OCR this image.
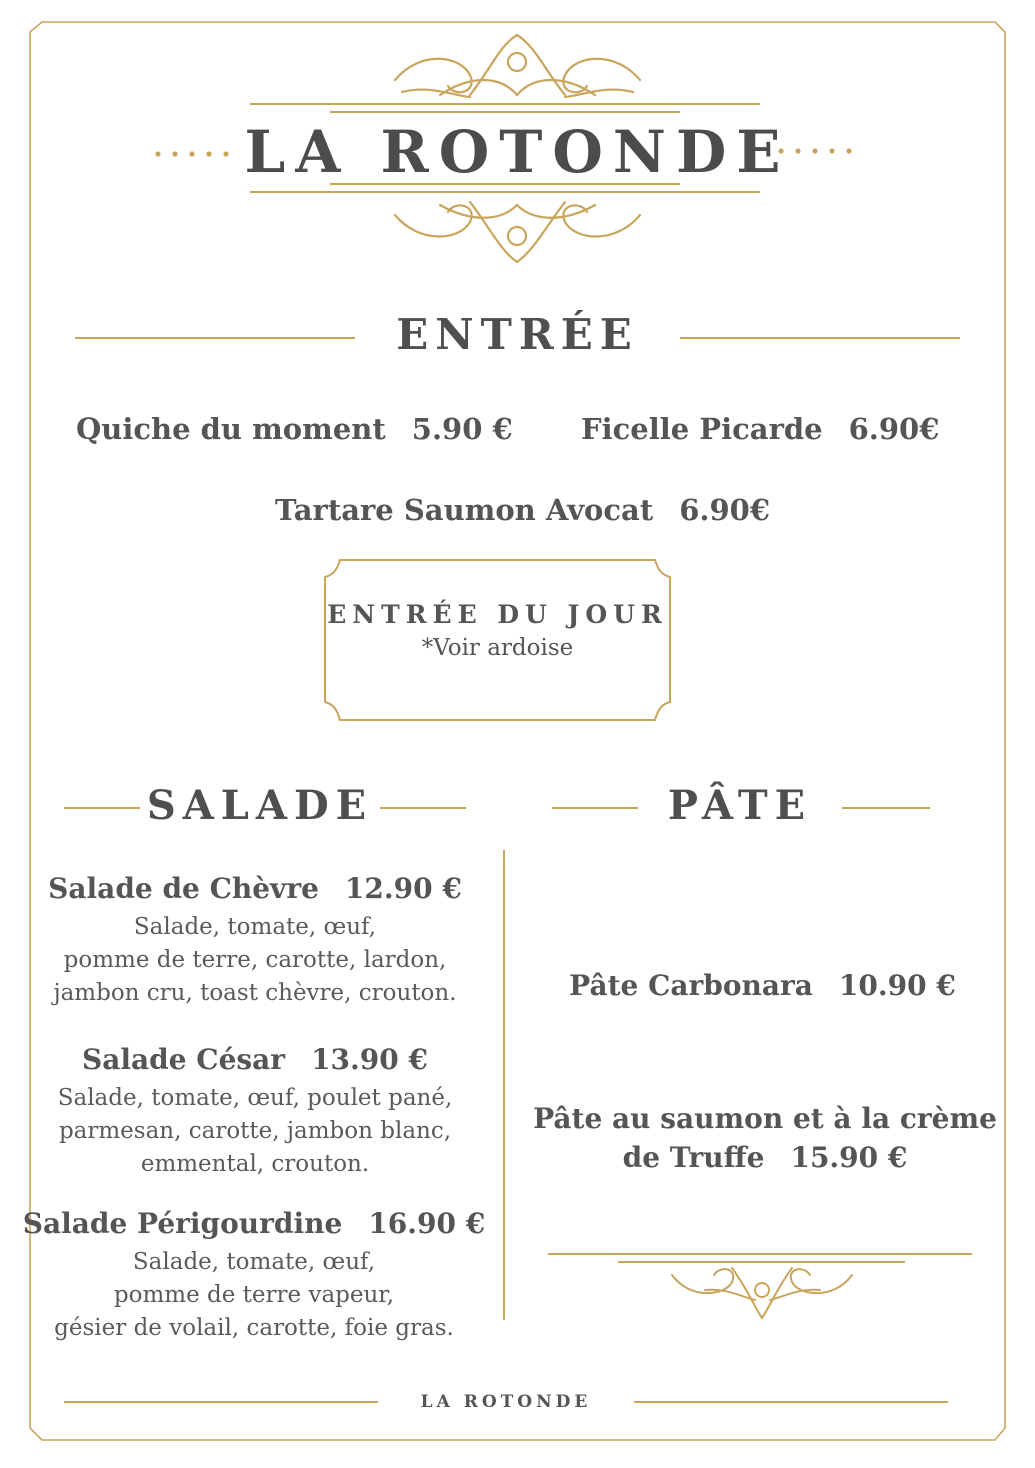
LA ROTONDE
ENTRÉE
Quiche du moment 5.90 € Ficelle Picarde 6.90€
Tartare Saumon Avocat 6.90€
ENTRÉE DU JOUR
*Voir ardoise
SALADE
Salade de Chèvre 12.90 €
Salade, tomate, œuf,
pomme de terre, carotte, lardon,
jambon cru, toast chèvre, crouton.
Salade César 13.90 €
Salade, tomate, œuf, poulet pané,
parmesan, carotte, jambon blanc,
emmental, crouton.
Salade Périgourdine 16.90 €
Salade, tomate, œuf,
pomme de terre vapeur,
gésier de volail, carotte, foie gras.
PÂTE
Pâte Carbonara 10.90 €
Pâte au saumon et à la crème
de Truffe 15.90 €
LA ROTONDE
